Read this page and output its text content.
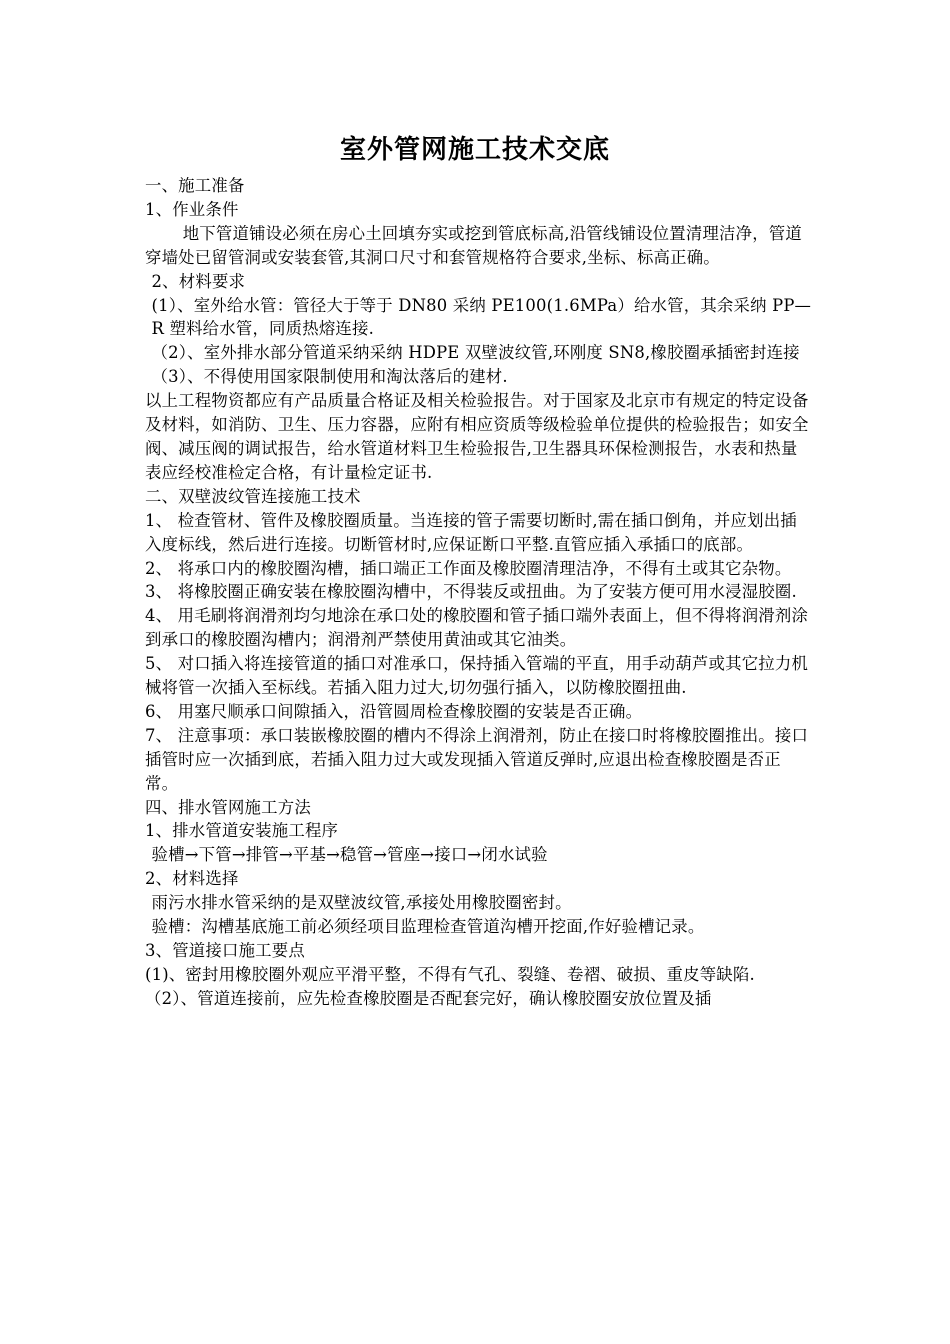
室外管网施工技术交底

一、施工准备

1、作业条件

地下管道铺设必须在房心土回填夯实或挖到管底标高,沿管线铺设位置清理洁净，管道穿墙处已留管洞或安装套管,其洞口尺寸和套管规格符合要求,坐标、标高正确。

2、材料要求

(1）、室外给水管：管径大于等于 DN80 采纳 PE100(1.6MPa）给水管，其余采纳 PP—R 塑料给水管，同质热熔连接.

（2）、室外排水部分管道采纳采纳 HDPE 双壁波纹管,环刚度 SN8,橡胶圈承插密封连接

（3）、不得使用国家限制使用和淘汰落后的建材.

以上工程物资都应有产品质量合格证及相关检验报告。对于国家及北京市有规定的特定设备及材料，如消防、卫生、压力容器，应附有相应资质等级检验单位提供的检验报告；如安全阀、减压阀的调试报告，给水管道材料卫生检验报告,卫生器具环保检测报告，水表和热量表应经校准检定合格，有计量检定证书.

二、双壁波纹管连接施工技术

1、 检查管材、管件及橡胶圈质量。当连接的管子需要切断时,需在插口倒角，并应划出插入度标线，然后进行连接。切断管材时,应保证断口平整.直管应插入承插口的底部。

2、 将承口内的橡胶圈沟槽，插口端正工作面及橡胶圈清理洁净，不得有土或其它杂物。

3、 将橡胶圈正确安装在橡胶圈沟槽中，不得装反或扭曲。为了安装方便可用水浸湿胶圈.

4、 用毛刷将润滑剂均匀地涂在承口处的橡胶圈和管子插口端外表面上，但不得将润滑剂涂到承口的橡胶圈沟槽内；润滑剂严禁使用黄油或其它油类。

5、 对口插入将连接管道的插口对准承口，保持插入管端的平直，用手动葫芦或其它拉力机械将管一次插入至标线。若插入阻力过大,切勿强行插入，以防橡胶圈扭曲.

6、 用塞尺顺承口间隙插入，沿管圆周检查橡胶圈的安装是否正确。

7、 注意事项：承口装嵌橡胶圈的槽内不得涂上润滑剂，防止在接口时将橡胶圈推出。接口插管时应一次插到底，若插入阻力过大或发现插入管道反弹时,应退出检查橡胶圈是否正常。

四、排水管网施工方法

1、排水管道安装施工程序

验槽→下管→排管→平基→稳管→管座→接口→闭水试验

2、材料选择

雨污水排水管采纳的是双壁波纹管,承接处用橡胶圈密封。

验槽：沟槽基底施工前必须经项目监理检查管道沟槽开挖面,作好验槽记录。

3、管道接口施工要点

(1)、密封用橡胶圈外观应平滑平整，不得有气孔、裂缝、卷褶、破损、重皮等缺陷.

（2）、管道连接前，应先检查橡胶圈是否配套完好，确认橡胶圈安放位置及插
